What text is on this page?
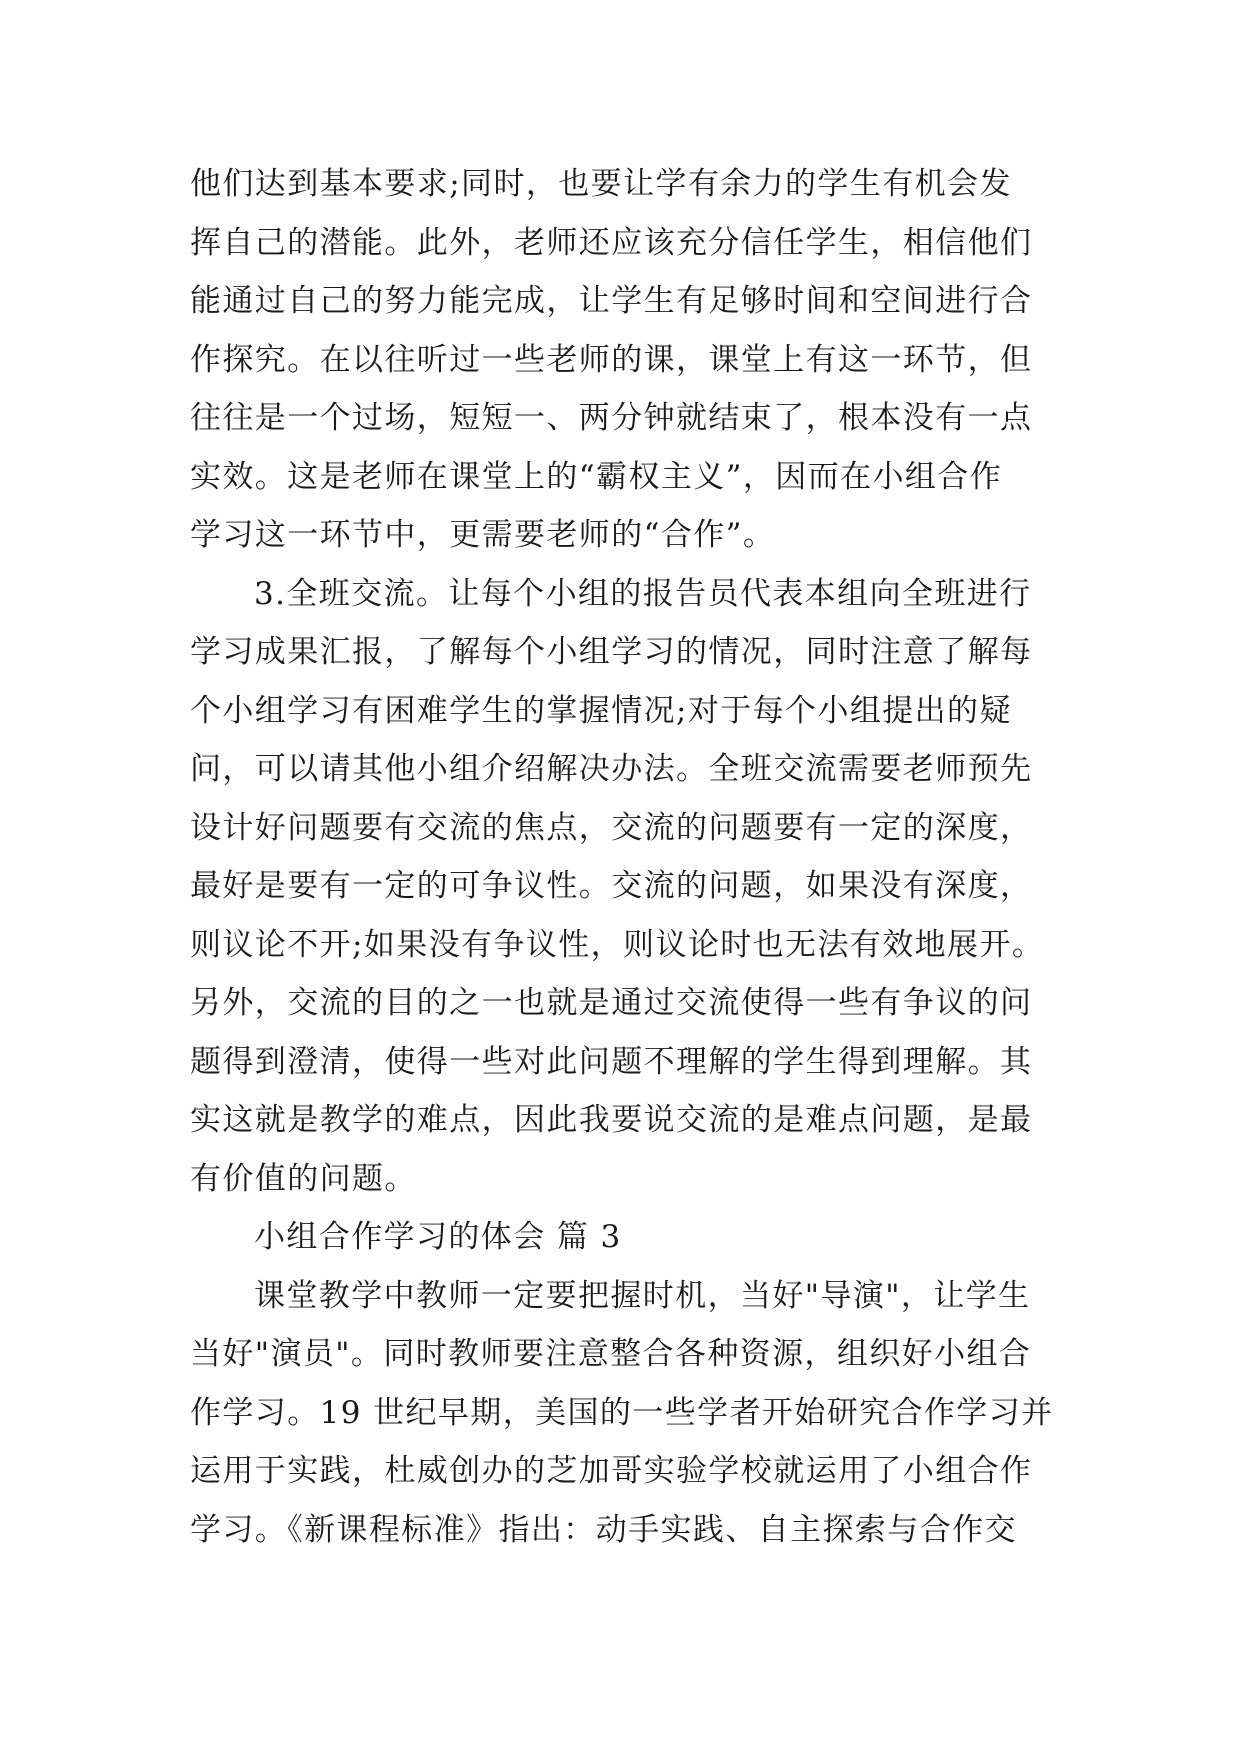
他们达到基本要求;同时，也要让学有余力的学生有机会发
挥自己的潜能。此外，老师还应该充分信任学生，相信他们
能通过自己的努力能完成，让学生有足够时间和空间进行合
作探究。在以往听过一些老师的课，课堂上有这一环节，但
往往是一个过场，短短一、两分钟就结束了，根本没有一点
实效。这是老师在课堂上的“霸权主义”，因而在小组合作
学习这一环节中，更需要老师的“合作”。
3.全班交流。让每个小组的报告员代表本组向全班进行
学习成果汇报，了解每个小组学习的情况，同时注意了解每
个小组学习有困难学生的掌握情况;对于每个小组提出的疑
问，可以请其他小组介绍解决办法。全班交流需要老师预先
设计好问题要有交流的焦点，交流的问题要有一定的深度，
最好是要有一定的可争议性。交流的问题，如果没有深度，
则议论不开;如果没有争议性，则议论时也无法有效地展开。
另外，交流的目的之一也就是通过交流使得一些有争议的问
题得到澄清，使得一些对此问题不理解的学生得到理解。其
实这就是教学的难点，因此我要说交流的是难点问题，是最
有价值的问题。
小组合作学习的体会 篇 3
课堂教学中教师一定要把握时机，当好"导演"，让学生
当好"演员"。同时教师要注意整合各种资源，组织好小组合
作学习。19 世纪早期，美国的一些学者开始研究合作学习并
运用于实践，杜威创办的芝加哥实验学校就运用了小组合作
学习。《新课程标准》指出：动手实践、自主探索与合作交
